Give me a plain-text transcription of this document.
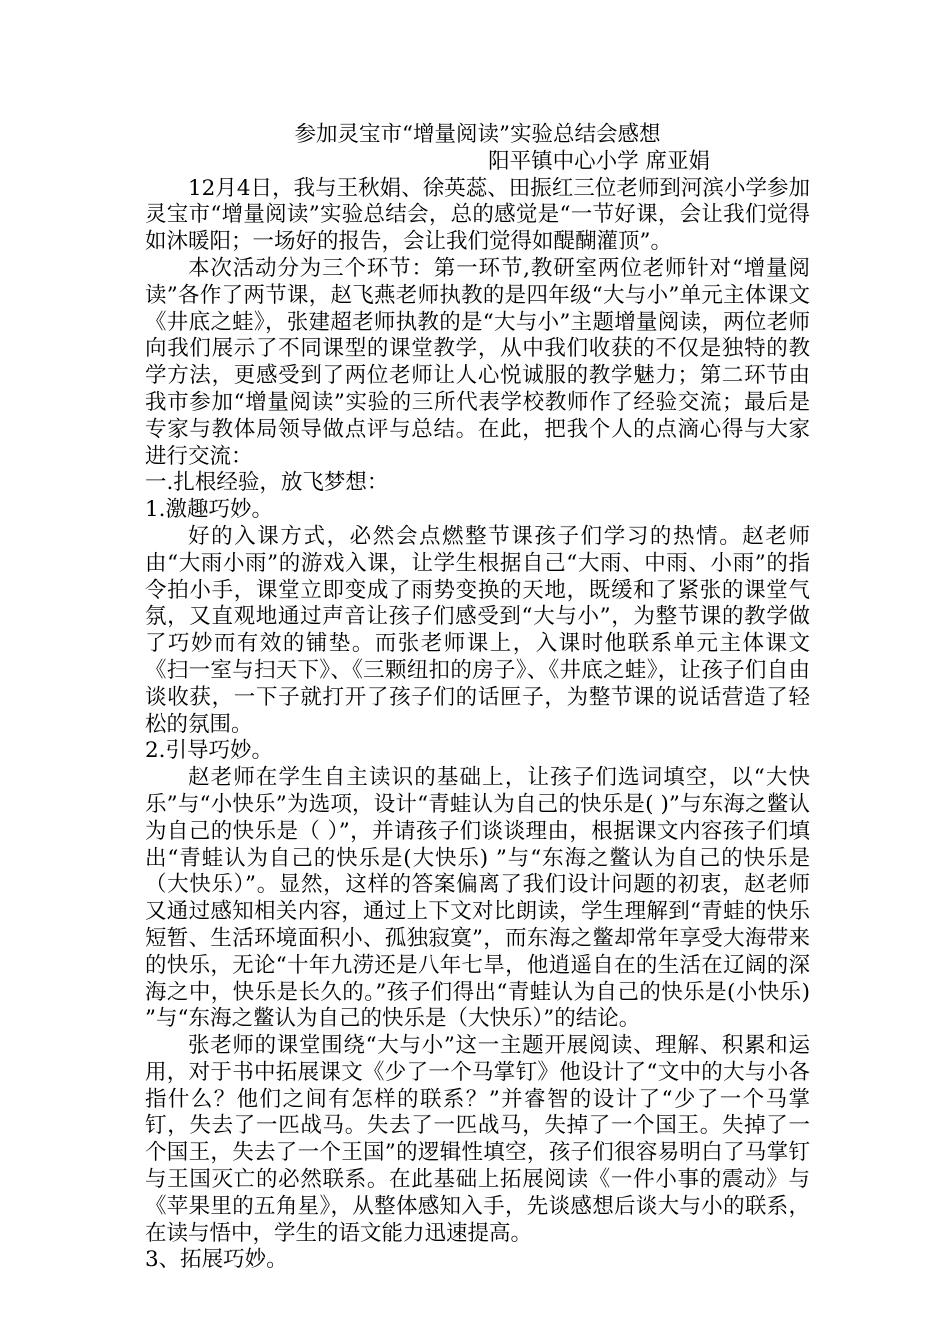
参加灵宝市“增量阅读”实验总结会感想
阳平镇中心小学 席亚娟

12月4日，我与王秋娟、徐英蕊、田振红三位老师到河滨小学参加灵宝市“增量阅读”实验总结会，总的感觉是“一节好课，会让我们觉得如沐暖阳；一场好的报告，会让我们觉得如醍醐灌顶”。

本次活动分为三个环节：第一环节,教研室两位老师针对“增量阅读”各作了两节课，赵飞燕老师执教的是四年级“大与小”单元主体课文《井底之蛙》，张建超老师执教的是“大与小”主题增量阅读，两位老师向我们展示了不同课型的课堂教学，从中我们收获的不仅是独特的教学方法，更感受到了两位老师让人心悦诚服的教学魅力；第二环节由我市参加“增量阅读”实验的三所代表学校教师作了经验交流；最后是专家与教体局领导做点评与总结。在此，把我个人的点滴心得与大家进行交流：

一.扎根经验，放飞梦想：
1.激趣巧妙。

好的入课方式，必然会点燃整节课孩子们学习的热情。赵老师由“大雨小雨”的游戏入课，让学生根据自己“大雨、中雨、小雨”的指令拍小手，课堂立即变成了雨势变换的天地，既缓和了紧张的课堂气氛，又直观地通过声音让孩子们感受到“大与小”，为整节课的教学做了巧妙而有效的铺垫。而张老师课上，入课时他联系单元主体课文《扫一室与扫天下》、《三颗纽扣的房子》、《井底之蛙》，让孩子们自由谈收获，一下子就打开了孩子们的话匣子，为整节课的说话营造了轻松的氛围。

2.引导巧妙。

赵老师在学生自主读识的基础上，让孩子们选词填空，以“大快乐”与“小快乐”为选项，设计“青蛙认为自己的快乐是( )”与东海之鳖认为自己的快乐是（ ）”，并请孩子们谈谈理由，根据课文内容孩子们填出“青蛙认为自己的快乐是(大快乐) ”与“东海之鳖认为自己的快乐是（大快乐）”。显然，这样的答案偏离了我们设计问题的初衷，赵老师又通过感知相关内容，通过上下文对比朗读，学生理解到“青蛙的快乐短暂、生活环境面积小、孤独寂寞”，而东海之鳖却常年享受大海带来的快乐，无论“十年九涝还是八年七旱，他逍遥自在的生活在辽阔的深海之中，快乐是长久的。”孩子们得出“青蛙认为自己的快乐是(小快乐) ”与“东海之鳖认为自己的快乐是（大快乐）”的结论。

张老师的课堂围绕“大与小”这一主题开展阅读、理解、积累和运用，对于书中拓展课文《少了一个马掌钉》他设计了“文中的大与小各指什么？他们之间有怎样的联系？”并睿智的设计了“少了一个马掌钉，失去了一匹战马。失去了一匹战马，失掉了一个国王。失掉了一个国王，失去了一个王国”的逻辑性填空，孩子们很容易明白了马掌钉与王国灭亡的必然联系。在此基础上拓展阅读《一件小事的震动》与《苹果里的五角星》，从整体感知入手，先谈感想后谈大与小的联系，在读与悟中，学生的语文能力迅速提高。

3、拓展巧妙。
